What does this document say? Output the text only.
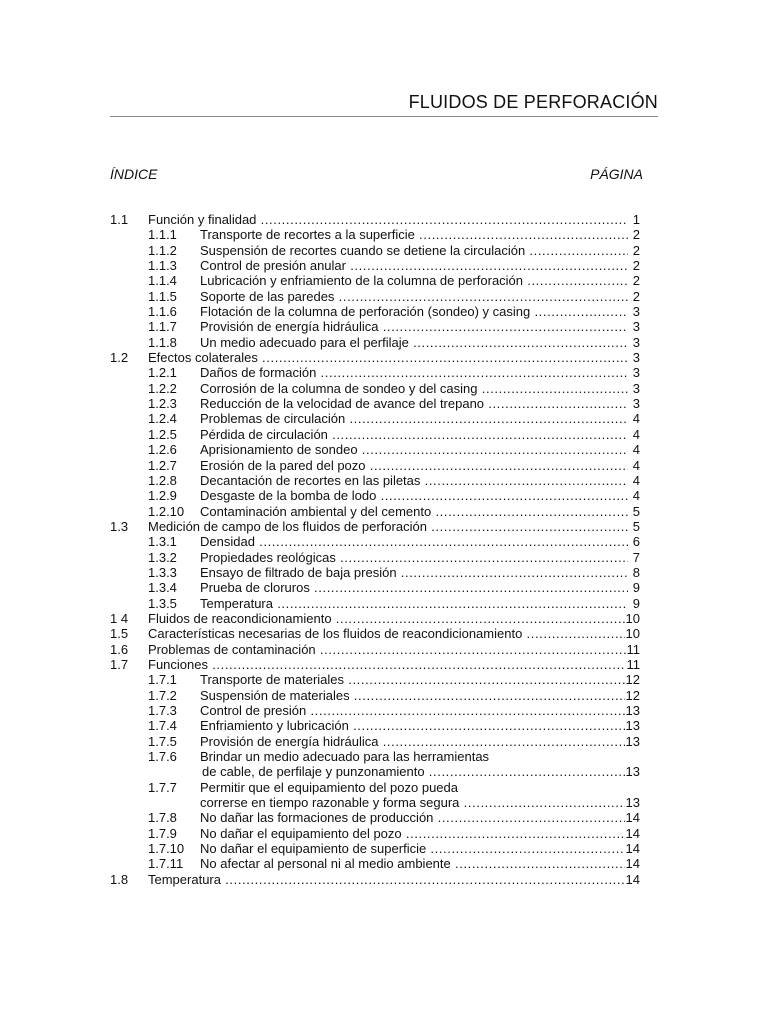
FLUIDOS DE PERFORACIÓN
ÍNDICE	PÁGINA
1.1 Función y finalidad .....	1
1.1.1 Transporte de recortes a la superficie .....	2
1.1.2 Suspensión de recortes cuando se detiene la circulación .....	2
1.1.3 Control de presión anular .....	2
1.1.4 Lubricación y enfriamiento de la columna de perforación .....	2
1.1.5 Soporte de las paredes .....	2
1.1.6 Flotación de la columna de perforación (sondeo) y casing .....	3
1.1.7 Provisión de energía hidráulica .....	3
1.1.8 Un medio adecuado para el perfilaje .....	3
1.2 Efectos colaterales .....	3
1.2.1 Daños de formación .....	3
1.2.2 Corrosión de la columna de sondeo y del casing .....	3
1.2.3 Reducción de la velocidad de avance del trepano .....	3
1.2.4 Problemas de circulación .....	4
1.2.5 Pérdida de circulación .....	4
1.2.6 Aprisionamiento de sondeo .....	4
1.2.7 Erosión de la pared del pozo .....	4
1.2.8 Decantación de recortes en las piletas .....	4
1.2.9 Desgaste de la bomba de lodo .....	4
1.2.10 Contaminación ambiental y del cemento .....	5
1.3 Medición de campo de los fluidos de perforación .....	5
1.3.1 Densidad .....	6
1.3.2 Propiedades reológicas .....	7
1.3.3 Ensayo de filtrado de baja presión .....	8
1.3.4 Prueba de cloruros .....	9
1.3.5 Temperatura .....	9
1 4 Fluidos de reacondicionamiento .....	10
1.5 Características necesarias de los fluidos de reacondicionamiento .....	10
1.6 Problemas de contaminación .....	11
1.7 Funciones .....	11
1.7.1 Transporte de materiales .....	12
1.7.2 Suspensión de materiales .....	12
1.7.3 Control de presión .....	13
1.7.4 Enfriamiento y lubricación .....	13
1.7.5 Provisión de energía hidráulica .....	13
1.7.6 Brindar un medio adecuado para las herramientas
de cable, de perfilaje y punzonamiento .....	13
1.7.7 Permitir que el equipamiento del pozo pueda
correrse en tiempo razonable y forma segura .....	13
1.7.8 No dañar las formaciones de producción .....	14
1.7.9 No dañar el equipamiento del pozo .....	14
1.7.10 No dañar el equipamiento de superficie .....	14
1.7.11 No afectar al personal ni al medio ambiente .....	14
1.8 Temperatura .....	14
